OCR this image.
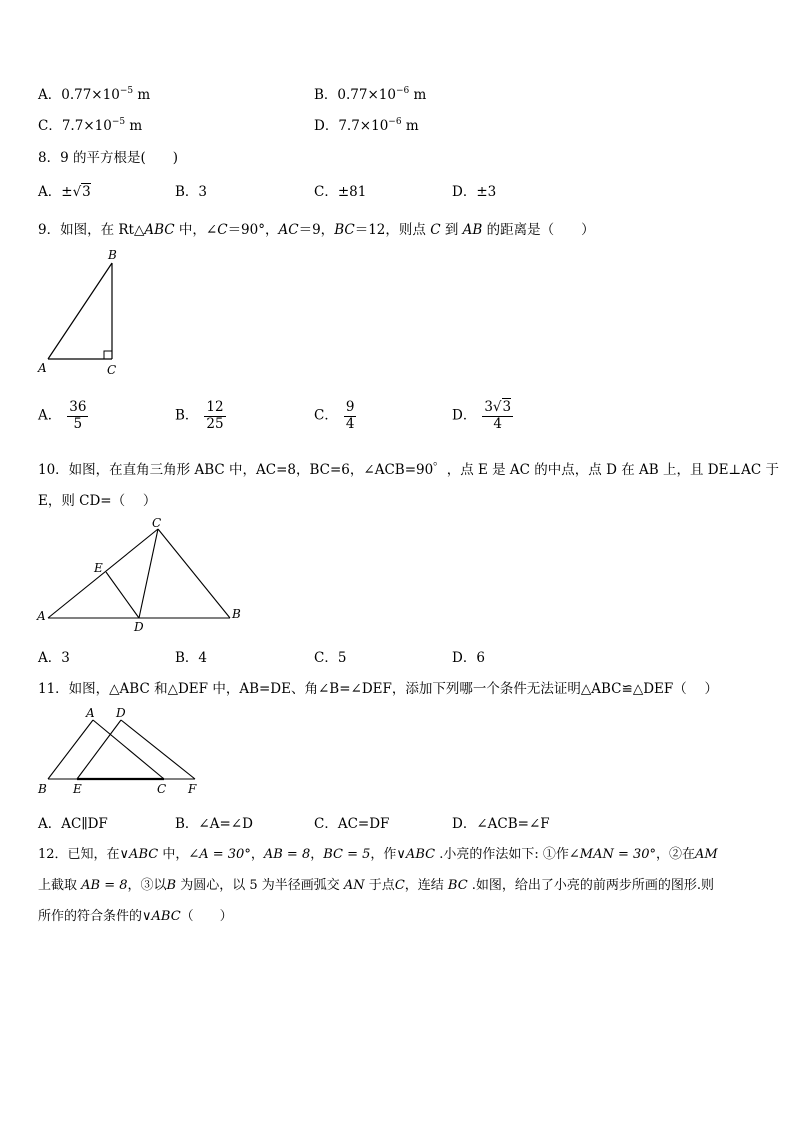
A．$0.77\times 10^{-5}$ m	B．$0.77\times 10^{-6}$ m
C．$7.7\times 10^{-5}$ m	D．$7.7\times 10^{-6}$ m
8．9 的平方根是(　　)
A．±√3	B．3	C．±81	D．±3
9．如图，在 Rt△ABC 中，∠C＝90°，AC＝9，BC＝12，则点 C 到 AB 的距离是（　　）
B
A	C
A． $\frac{36}{5}$	B． $\frac{12}{25}$	C． $\frac{9}{4}$	D． $\frac{3√3}{4}$
10．如图，在直角三角形 ABC 中，AC=8，BC=6，∠ACB=90゜，点 E 是 AC 的中点，点 D 在 AB 上，且 DE⊥AC 于
E，则 CD=（　 ）
C
E
A	B
D
A．3	B．4	C．5	D．6
11．如图，△ABC 和△DEF 中，AB=DE、角∠B=∠DEF，添加下列哪一个条件无法证明△ABC≌△DEF（　 ）
A D
B E	C F
A．AC∥DF	B．∠A=∠D	C．AC=DF	D．∠ACB=∠F
12．已知，在∨ABC 中，∠A = 30°，AB = 8，BC = 5，作∨ABC .小亮的作法如下: ①作∠MAN = 30°，②在AM
上截取 AB = 8，③以B 为圆心，以 5 为半径画弧交 AN 于点C，连结 BC .如图，给出了小亮的前两步所画的图形.则
所作的符合条件的∨ABC（　　）
